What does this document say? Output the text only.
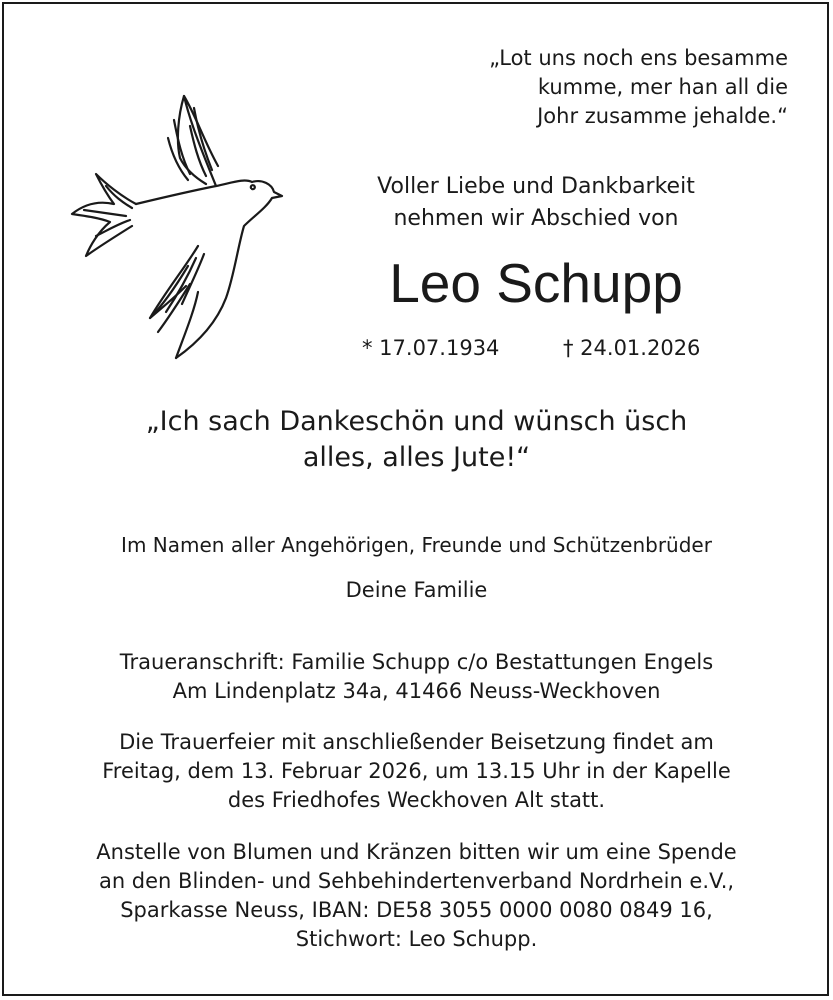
„Lot uns noch ens besamme
kumme, mer han all die
Johr zusamme jehalde.“
Voller Liebe und Dankbarkeit
nehmen wir Abschied von
Leo Schupp
* 17.07.1934	† 24.01.2026
„Ich sach Dankeschön und wünsch üsch
alles, alles Jute!“
Im Namen aller Angehörigen, Freunde und Schützenbrüder
Deine Familie
Traueranschrift: Familie Schupp c/o Bestattungen Engels
Am Lindenplatz 34a, 41466 Neuss-Weckhoven
Die Trauerfeier mit anschließender Beisetzung findet am
Freitag, dem 13. Februar 2026, um 13.15 Uhr in der Kapelle
des Friedhofes Weckhoven Alt statt.
Anstelle von Blumen und Kränzen bitten wir um eine Spende
an den Blinden- und Sehbehindertenverband Nordrhein e.V.,
Sparkasse Neuss, IBAN: DE58 3055 0000 0080 0849 16,
Stichwort: Leo Schupp.
